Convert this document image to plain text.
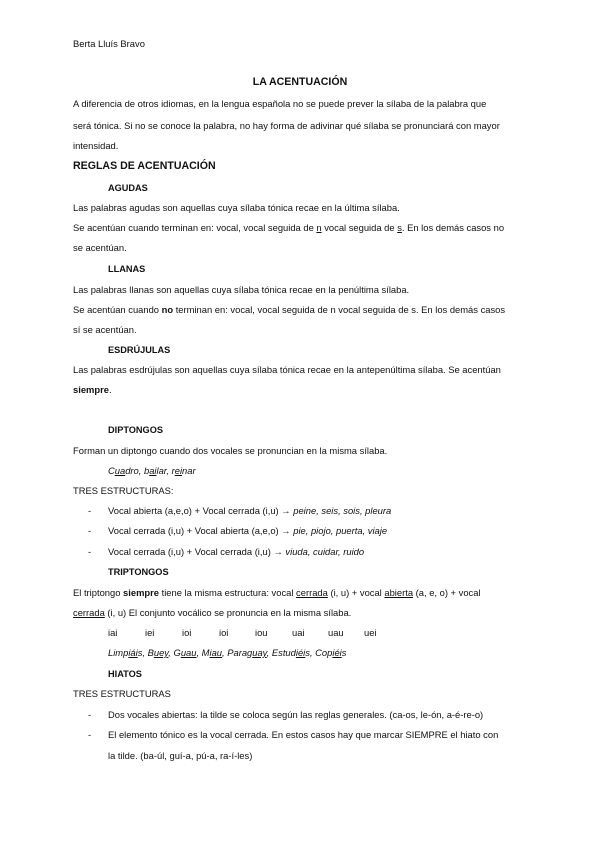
Berta Lluís Bravo
LA ACENTUACIÓN
A diferencia de otros idiomas, en la lengua española no se puede prever la sílaba de la palabra que
será tónica. Si no se conoce la palabra, no hay forma de adivinar qué sílaba se pronunciará con mayor
intensidad.
REGLAS DE ACENTUACIÓN
AGUDAS
Las palabras agudas son aquellas cuya sílaba tónica recae en la última sílaba.
Se acentúan cuando terminan en: vocal, vocal seguida de n vocal seguida de s. En los demás casos no
se acentúan.
LLANAS
Las palabras llanas son aquellas cuya sílaba tónica recae en la penúltima sílaba.
Se acentúan cuando no terminan en: vocal, vocal seguida de n vocal seguida de s. En los demás casos
sí se acentúan.
ESDRÚJULAS
Las palabras esdrújulas son aquellas cuya sílaba tónica recae en la antepenúltima sílaba. Se acentúan
siempre.
DIPTONGOS
Forman un diptongo cuando dos vocales se pronuncian en la misma sílaba.
Cuadro, bailar, reinar
TRES ESTRUCTURAS:
- Vocal abierta (a,e,o) + Vocal cerrada (i,u) → peine, seis, sois, pleura
- Vocal cerrada (i,u) + Vocal abierta (a,e,o) → pie, piojo, puerta, viaje
- Vocal cerrada (i,u) + Vocal cerrada (i,u) → viuda, cuidar, ruido
TRIPTONGOS
El triptongo siempre tiene la misma estructura: vocal cerrada (i, u) + vocal abierta (a, e, o) + vocal
cerrada (i, u) El conjunto vocálico se pronuncia en la misma sílaba.
iai	iei	ioi	ioi	iou	uai uau uei
Limpiáis, Buey, Guau, Miau, Paraguay, Estudiéis, Copiéis
HIATOS
TRES ESTRUCTURAS
- Dos vocales abiertas: la tilde se coloca según las reglas generales. (ca-os, le-ón, a-é-re-o)
- El elemento tónico es la vocal cerrada. En estos casos hay que marcar SIEMPRE el hiato con
la tilde. (ba-úl, guí-a, pú-a, ra-í-les)
